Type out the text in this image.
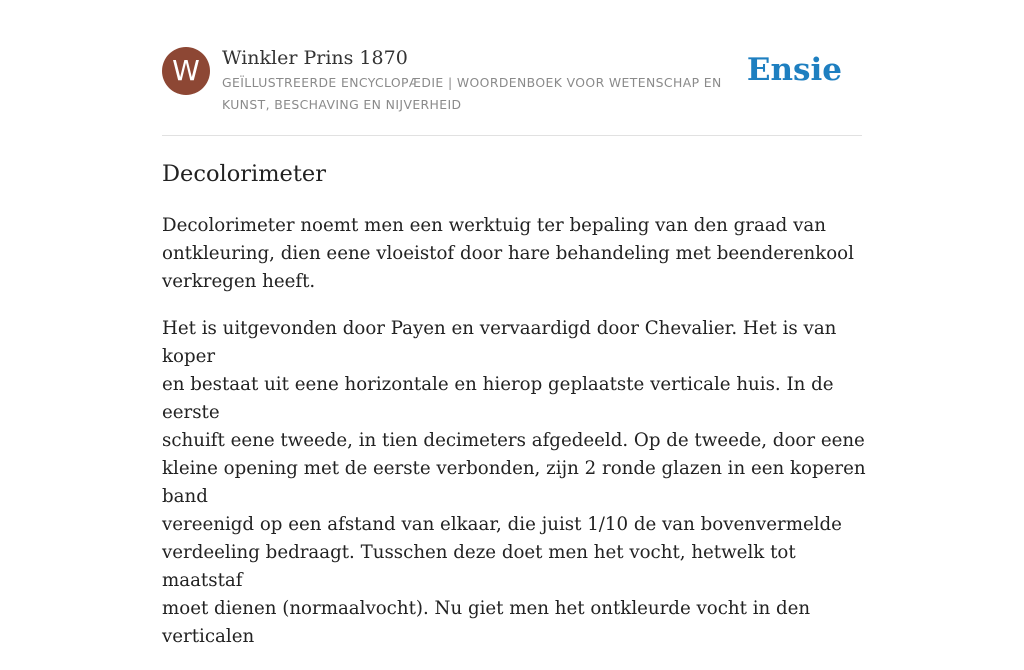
W	Winkler Prins 1870
GEÏLLUSTREERDE ENCYCLOPÆDIE | WOORDENBOEK VOOR WETENSCHAP EN KUNST, BESCHAVING EN NIJVERHEID
Ensie
Decolorimeter

Decolorimeter noemt men een werktuig ter bepaling van den graad van
ontkleuring, dien eene vloeistof door hare behandeling met beenderenkool
verkregen heeft.

Het is uitgevonden door Payen en vervaardigd door Chevalier. Het is van koper
en bestaat uit eene horizontale en hierop geplaatste verticale huis. In de eerste
schuift eene tweede, in tien decimeters afgedeeld. Op de tweede, door eene
kleine opening met de eerste verbonden, zijn 2 ronde glazen in een koperen band
vereenigd op een afstand van elkaar, die juist 1/10 de van bovenvermelde
verdeeling bedraagt. Tusschen deze doet men het vocht, hetwelk tot maatstaf
moet dienen (normaalvocht). Nu giet men het ontkleurde vocht in den verticalen
